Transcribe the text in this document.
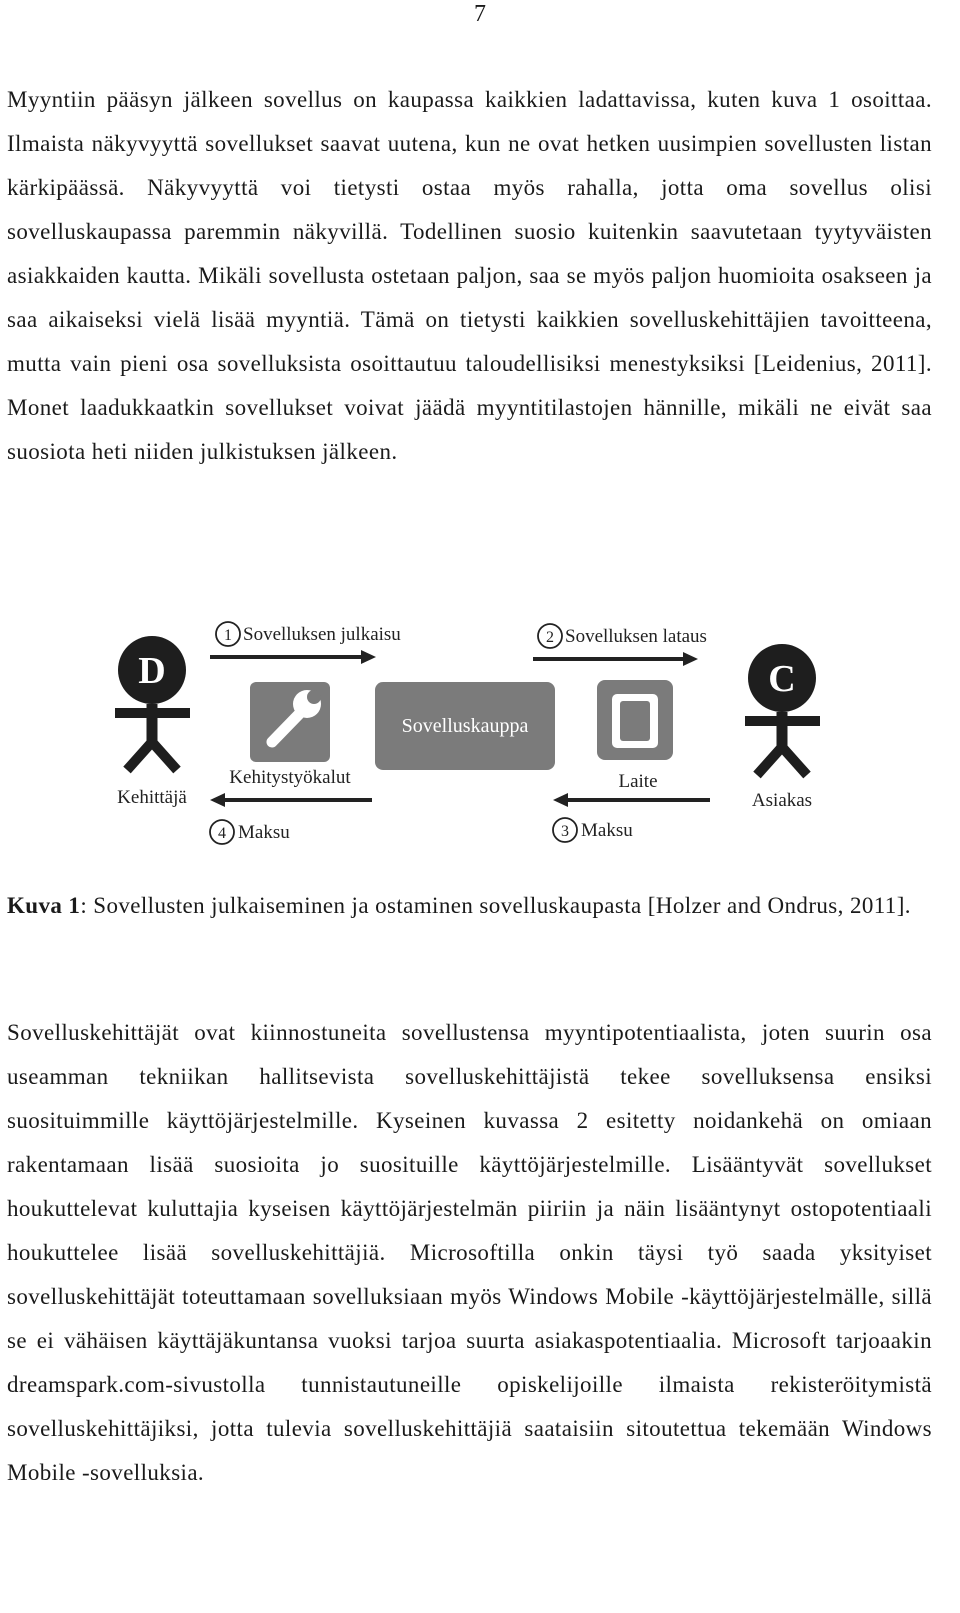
7

Myyntiin pääsyn jälkeen sovellus on kaupassa kaikkien ladattavissa, kuten kuva 1 osoittaa. Ilmaista näkyvyyttä sovellukset saavat uutena, kun ne ovat hetken uusimpien sovellusten listan kärkipäässä. Näkyvyyttä voi tietysti ostaa myös rahalla, jotta oma sovellus olisi sovelluskaupassa paremmin näkyvillä. Todellinen suosio kuitenkin saavutetaan tyytyväisten asiakkaiden kautta. Mikäli sovellusta ostetaan paljon, saa se myös paljon huomioita osakseen ja saa aikaiseksi vielä lisää myyntiä. Tämä on tietysti kaikkien sovelluskehittäjien tavoitteena, mutta vain pieni osa sovelluksista osoittautuu taloudellisiksi menestyksiksi [Leidenius, 2011]. Monet laadukkaatkin sovellukset voivat jäädä myyntitilastojen hännille, mikäli ne eivät saa suosiota heti niiden julkistuksen jälkeen.

D
Kehittäjä
C
Asiakas
Kehitystyökalut
Sovelluskauppa
Laite
1 Sovelluksen julkaisu	2 Sovelluksen lataus
4 Maksu	3 Maksu

Kuva 1: Sovellusten julkaiseminen ja ostaminen sovelluskaupasta [Holzer and Ondrus, 2011].

Sovelluskehittäjät ovat kiinnostuneita sovellustensa myyntipotentiaalista, joten suurin osa useamman tekniikan hallitsevista sovelluskehittäjistä tekee sovelluksensa ensiksi suosituimmille käyttöjärjestelmille. Kyseinen kuvassa 2 esitetty noidankehä on omiaan rakentamaan lisää suosioita jo suosituille käyttöjärjestelmille. Lisääntyvät sovellukset houkuttelevat kuluttajia kyseisen käyttöjärjestelmän piiriin ja näin lisääntynyt ostopotentiaali houkuttelee lisää sovelluskehittäjiä. Microsoftilla onkin täysi työ saada yksityiset sovelluskehittäjät toteuttamaan sovelluksiaan myös Windows Mobile -käyttöjärjestelmälle, sillä se ei vähäisen käyttäjäkuntansa vuoksi tarjoa suurta asiakaspotentiaalia. Microsoft tarjoaakin dreamspark.com-sivustolla tunnistautuneille opiskelijoille ilmaista rekisteröitymistä sovelluskehittäjiksi, jotta tulevia sovelluskehittäjiä saataisiin sitoutettua tekemään Windows Mobile -sovelluksia.
